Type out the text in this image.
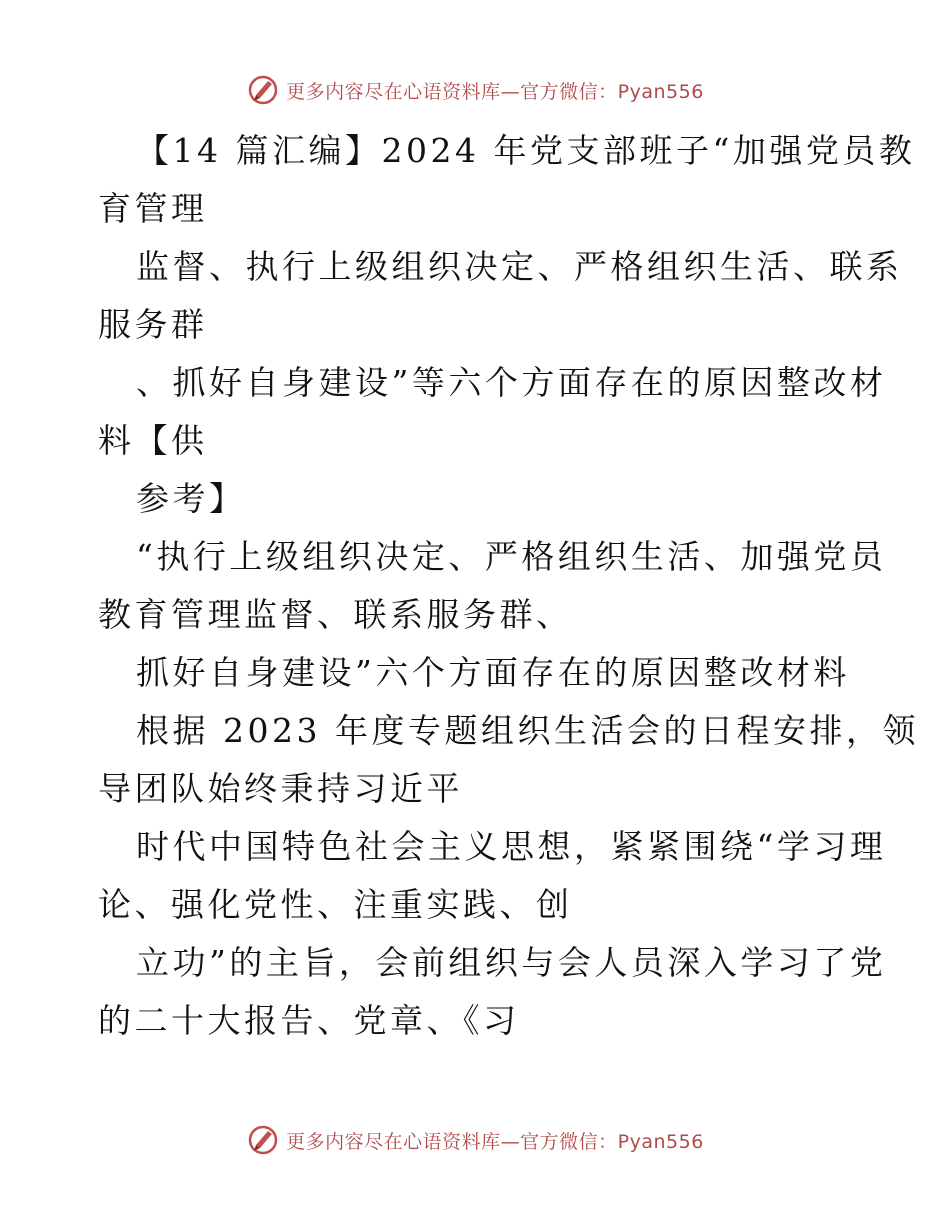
更多内容尽在心语资料库—官方微信：Pyan556
【14 篇汇编】2024 年党支部班子“加强党员教
育管理
监督、执行上级组织决定、严格组织生活、联系
服务群
、抓好自身建设”等六个方面存在的原因整改材
料【供
参考】
“执行上级组织决定、严格组织生活、加强党员
教育管理监督、联系服务群、
抓好自身建设”六个方面存在的原因整改材料
根据 2023 年度专题组织生活会的日程安排，领
导团队始终秉持习近平
时代中国特色社会主义思想，紧紧围绕“学习理
论、强化党性、注重实践、创
立功”的主旨，会前组织与会人员深入学习了党
的二十大报告、党章、《习
更多内容尽在心语资料库—官方微信：Pyan556
